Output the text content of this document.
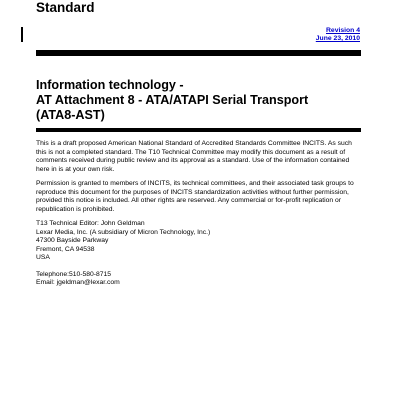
Standard
Revision 4
June 23, 2010
Information technology -
AT Attachment 8 - ATA/ATAPI Serial Transport
(ATA8-AST)

This is a draft proposed American National Standard of Accredited Standards Committee INCITS. As such this is not a completed standard. The T10 Technical Committee may modify this document as a result of comments received during public review and its approval as a standard. Use of the information contained here in is at your own risk.

Permission is granted to members of INCITS, its technical committees, and their associated task groups to reproduce this document for the purposes of INCITS standardization activities without further permission, provided this notice is included. All other rights are reserved. Any commercial or for-profit replication or republication is prohibited.

T13 Technical Editor: John Geldman
Lexar Media, Inc. (A subsidiary of Micron Technology, Inc.)
47300 Bayside Parkway
Fremont, CA 94538
USA
Telephone:510-580-8715
Email: jgeldman@lexar.com
